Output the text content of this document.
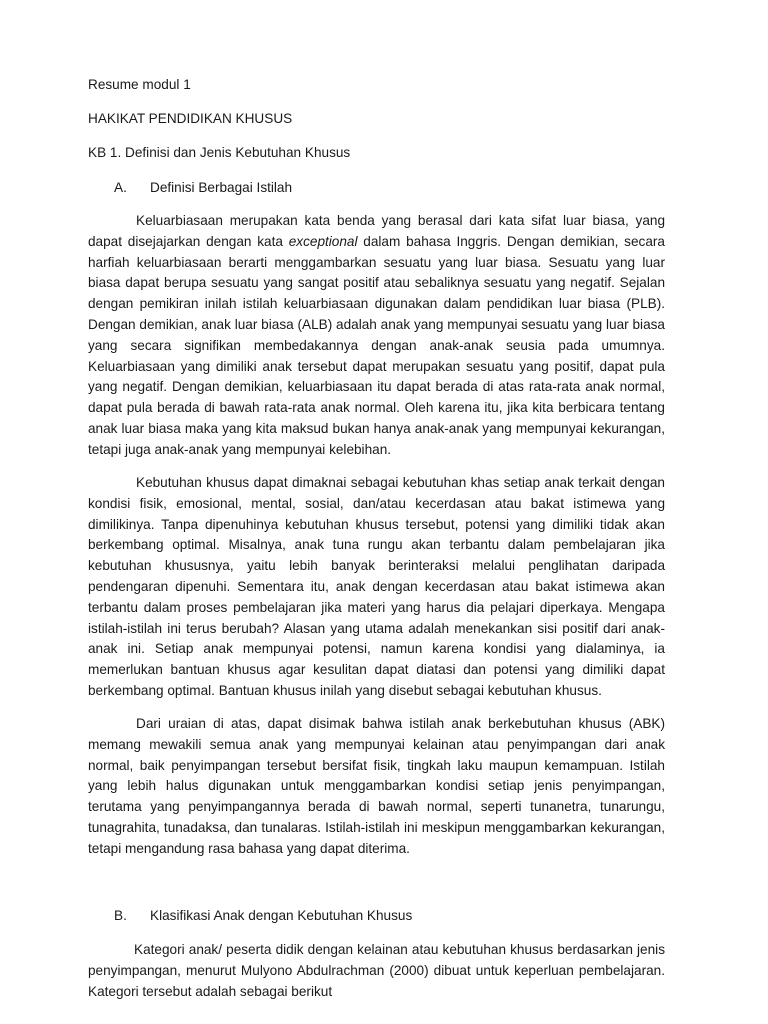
Resume modul 1

HAKIKAT PENDIDIKAN KHUSUS

KB 1. Definisi dan Jenis Kebutuhan Khusus

A. Definisi Berbagai Istilah

Keluarbiasaan merupakan kata benda yang berasal dari kata sifat luar biasa, yang dapat disejajarkan dengan kata exceptional dalam bahasa Inggris. Dengan demikian, secara harfiah keluarbiasaan berarti menggambarkan sesuatu yang luar biasa. Sesuatu yang luar biasa dapat berupa sesuatu yang sangat positif atau sebaliknya sesuatu yang negatif. Sejalan dengan pemikiran inilah istilah keluarbiasaan digunakan dalam pendidikan luar biasa (PLB). Dengan demikian, anak luar biasa (ALB) adalah anak yang mempunyai sesuatu yang luar biasa yang secara signifikan membedakannya dengan anak-anak seusia pada umumnya. Keluarbiasaan yang dimiliki anak tersebut dapat merupakan sesuatu yang positif, dapat pula yang negatif. Dengan demikian, keluarbiasaan itu dapat berada di atas rata-rata anak normal, dapat pula berada di bawah rata-rata anak normal. Oleh karena itu, jika kita berbicara tentang anak luar biasa maka yang kita maksud bukan hanya anak-anak yang mempunyai kekurangan, tetapi juga anak-anak yang mempunyai kelebihan.

Kebutuhan khusus dapat dimaknai sebagai kebutuhan khas setiap anak terkait dengan kondisi fisik, emosional, mental, sosial, dan/atau kecerdasan atau bakat istimewa yang dimilikinya. Tanpa dipenuhinya kebutuhan khusus tersebut, potensi yang dimiliki tidak akan berkembang optimal. Misalnya, anak tuna rungu akan terbantu dalam pembelajaran jika kebutuhan khususnya, yaitu lebih banyak berinteraksi melalui penglihatan daripada pendengaran dipenuhi. Sementara itu, anak dengan kecerdasan atau bakat istimewa akan terbantu dalam proses pembelajaran jika materi yang harus dia pelajari diperkaya. Mengapa istilah-istilah ini terus berubah? Alasan yang utama adalah menekankan sisi positif dari anak-anak ini. Setiap anak mempunyai potensi, namun karena kondisi yang dialaminya, ia memerlukan bantuan khusus agar kesulitan dapat diatasi dan potensi yang dimiliki dapat berkembang optimal. Bantuan khusus inilah yang disebut sebagai kebutuhan khusus.

Dari uraian di atas, dapat disimak bahwa istilah anak berkebutuhan khusus (ABK) memang mewakili semua anak yang mempunyai kelainan atau penyimpangan dari anak normal, baik penyimpangan tersebut bersifat fisik, tingkah laku maupun kemampuan. Istilah yang lebih halus digunakan untuk menggambarkan kondisi setiap jenis penyimpangan, terutama yang penyimpangannya berada di bawah normal, seperti tunanetra, tunarungu, tunagrahita, tunadaksa, dan tunalaras. Istilah-istilah ini meskipun menggambarkan kekurangan, tetapi mengandung rasa bahasa yang dapat diterima.

B. Klasifikasi Anak dengan Kebutuhan Khusus

Kategori anak/ peserta didik dengan kelainan atau kebutuhan khusus berdasarkan jenis penyimpangan, menurut Mulyono Abdulrachman (2000) dibuat untuk keperluan pembelajaran. Kategori tersebut adalah sebagai berikut
